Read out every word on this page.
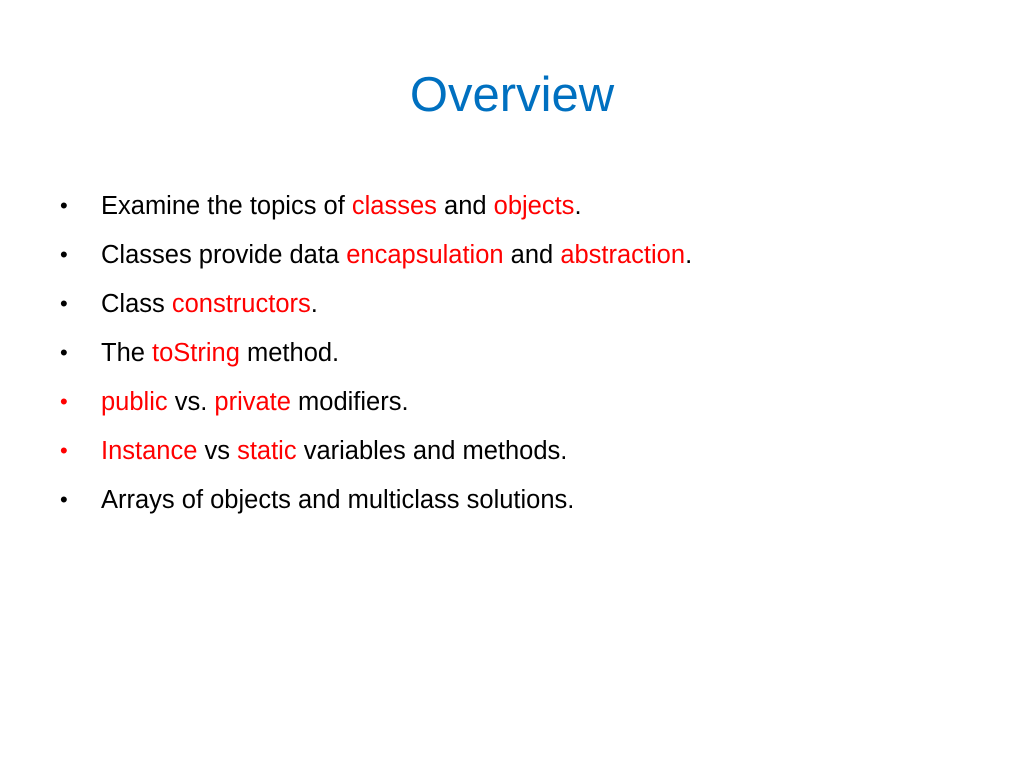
Overview
•	Examine the topics of classes and objects.
•	Classes provide data encapsulation and abstraction.
•	Class constructors.
•	The toString method.
•	public vs. private modifiers.
•	Instance vs static variables and methods.
•	Arrays of objects and multiclass solutions.
